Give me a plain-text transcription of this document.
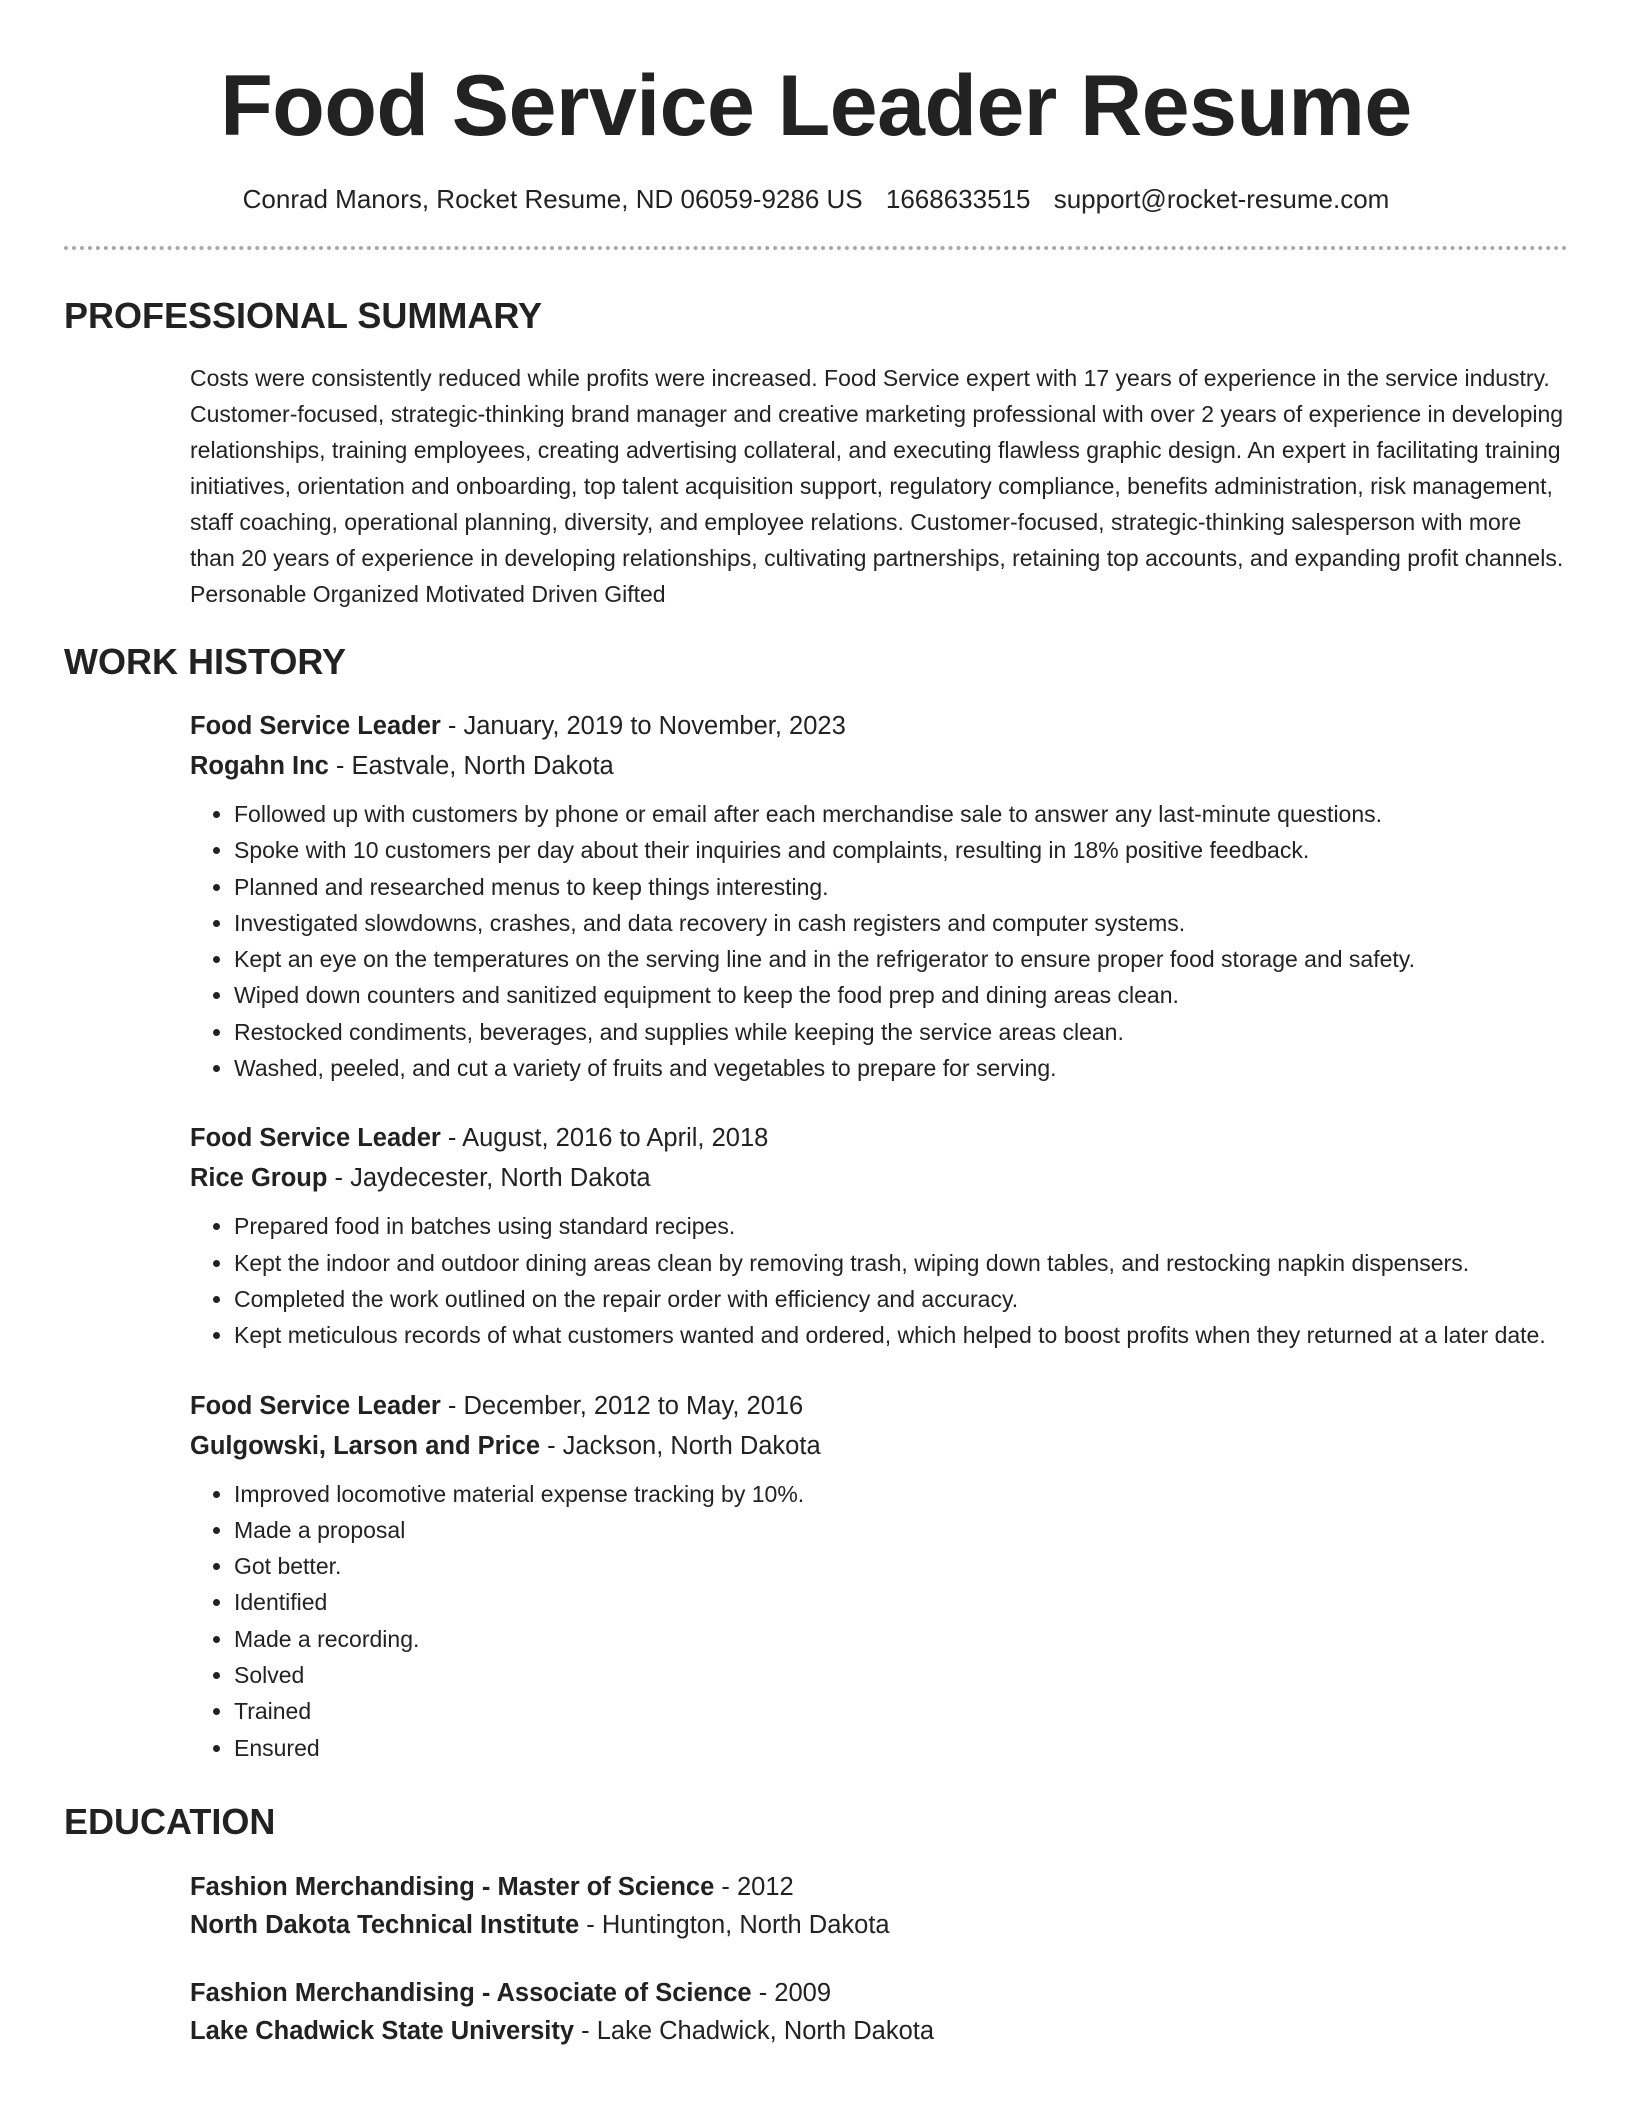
Food Service Leader Resume
Conrad Manors, Rocket Resume, ND 06059-9286 US 1668633515 support@rocket-resume.com
PROFESSIONAL SUMMARY
Costs were consistently reduced while profits were increased. Food Service expert with 17 years of experience in the service industry. Customer-focused, strategic-thinking brand manager and creative marketing professional with over 2 years of experience in developing relationships, training employees, creating advertising collateral, and executing flawless graphic design. An expert in facilitating training initiatives, orientation and onboarding, top talent acquisition support, regulatory compliance, benefits administration, risk management, staff coaching, operational planning, diversity, and employee relations. Customer-focused, strategic-thinking salesperson with more than 20 years of experience in developing relationships, cultivating partnerships, retaining top accounts, and expanding profit channels. Personable Organized Motivated Driven Gifted
WORK HISTORY
Food Service Leader - January, 2019 to November, 2023
Rogahn Inc - Eastvale, North Dakota
• Followed up with customers by phone or email after each merchandise sale to answer any last-minute questions.
• Spoke with 10 customers per day about their inquiries and complaints, resulting in 18% positive feedback.
• Planned and researched menus to keep things interesting.
• Investigated slowdowns, crashes, and data recovery in cash registers and computer systems.
• Kept an eye on the temperatures on the serving line and in the refrigerator to ensure proper food storage and safety.
• Wiped down counters and sanitized equipment to keep the food prep and dining areas clean.
• Restocked condiments, beverages, and supplies while keeping the service areas clean.
• Washed, peeled, and cut a variety of fruits and vegetables to prepare for serving.
Food Service Leader - August, 2016 to April, 2018
Rice Group - Jaydecester, North Dakota
• Prepared food in batches using standard recipes.
• Kept the indoor and outdoor dining areas clean by removing trash, wiping down tables, and restocking napkin dispensers.
• Completed the work outlined on the repair order with efficiency and accuracy.
• Kept meticulous records of what customers wanted and ordered, which helped to boost profits when they returned at a later date.
Food Service Leader - December, 2012 to May, 2016
Gulgowski, Larson and Price - Jackson, North Dakota
• Improved locomotive material expense tracking by 10%.
• Made a proposal
• Got better.
• Identified
• Made a recording.
• Solved
• Trained
• Ensured
EDUCATION
Fashion Merchandising - Master of Science - 2012
North Dakota Technical Institute - Huntington, North Dakota
Fashion Merchandising - Associate of Science - 2009
Lake Chadwick State University - Lake Chadwick, North Dakota
